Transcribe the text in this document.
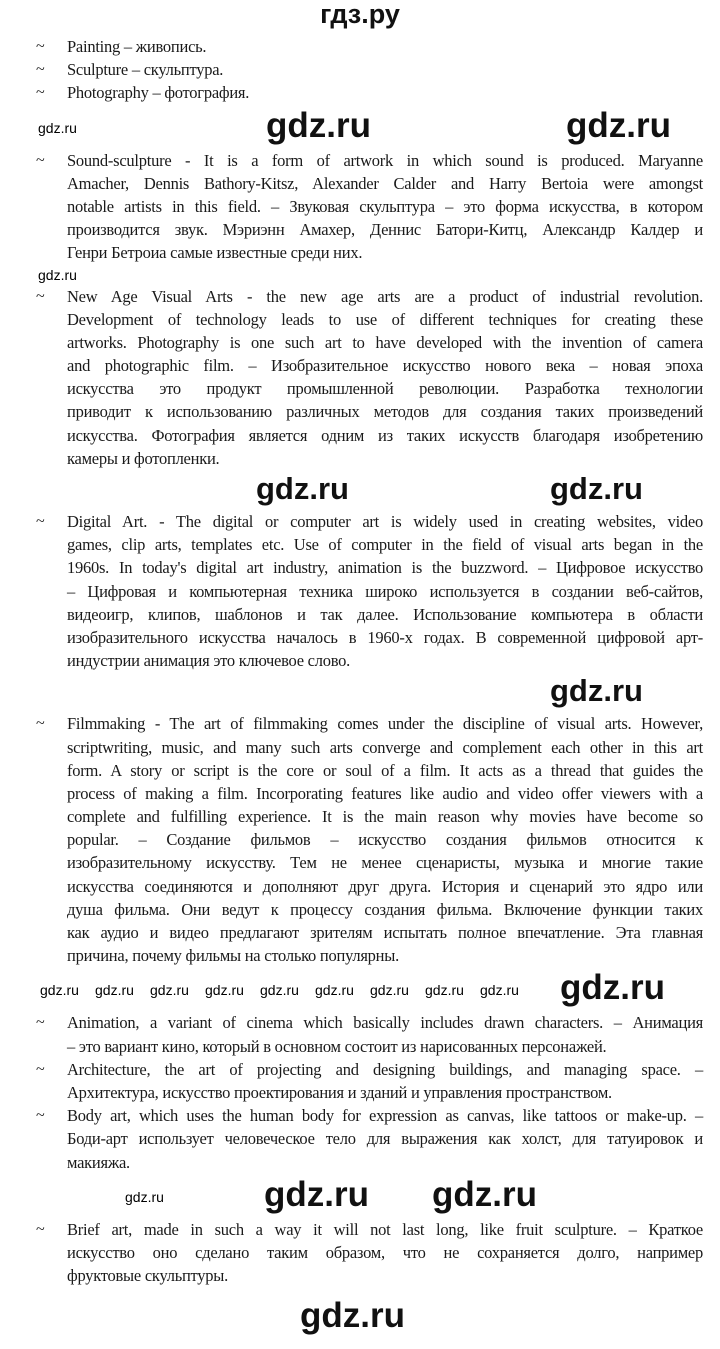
гдз.ру
~ Painting – живопись.
~ Sculpture – скульптура.
~ Photography – фотография.
gdz.ru	gdz.ru	gdz.ru
~ Sound-sculpture - It is a form of artwork in which sound is produced. Maryanne
Amacher, Dennis Bathory-Kitsz, Alexander Calder and Harry Bertoia were amongst
notable artists in this field. – Звуковая скульптура – это форма искусства, в котором
производится звук. Мэриэнн Амахер, Деннис Батори-Китц, Александр Калдер и
Генри Бетроиа самые известные среди них.
gdz.ru
~ New Age Visual Arts - the new age arts are a product of industrial revolution.
Development of technology leads to use of different techniques for creating these
artworks. Photography is one such art to have developed with the invention of camera
and photographic film. – Изобразительное искусство нового века – новая эпоха
искусства это продукт промышленной революции. Разработка технологии
приводит к использованию различных методов для создания таких произведений
искусства. Фотография является одним из таких искусств благодаря изобретению
камеры и фотопленки.
gdz.ru	gdz.ru
~ Digital Art. - The digital or computer art is widely used in creating websites, video
games, clip arts, templates etc. Use of computer in the field of visual arts began in the
1960s. In today's digital art industry, animation is the buzzword. – Цифровое искусство
– Цифровая и компьютерная техника широко используется в создании веб-сайтов,
видеоигр, клипов, шаблонов и так далее. Использование компьютера в области
изобразительного искусства началось в 1960-х годах. В современной цифровой арт-
индустрии анимация это ключевое слово.
gdz.ru
~ Filmmaking - The art of filmmaking comes under the discipline of visual arts. However,
scriptwriting, music, and many such arts converge and complement each other in this art
form. A story or script is the core or soul of a film. It acts as a thread that guides the
process of making a film. Incorporating features like audio and video offer viewers with a
complete and fulfilling experience. It is the main reason why movies have become so
popular. – Создание фильмов – искусство создания фильмов относится к
изобразительному искусству. Тем не менее сценаристы, музыка и многие такие
искусства соединяются и дополняют друг друга. История и сценарий это ядро или
душа фильма. Они ведут к процессу создания фильма. Включение функции таких
как аудио и видео предлагают зрителям испытать полное впечатление. Эта главная
причина, почему фильмы на столько популярны.
gdz.ru gdz.ru gdz.ru gdz.ru gdz.ru gdz.ru gdz.ru gdz.ru gdz.ru gdz.ru
~ Animation, a variant of cinema which basically includes drawn characters. – Анимация
– это вариант кино, который в основном состоит из нарисованных персонажей.
~ Architecture, the art of projecting and designing buildings, and managing space. –
Архитектура, искусство проектирования и зданий и управления пространством.
~ Body art, which uses the human body for expression as canvas, like tattoos or make-up. –
Боди-арт использует человеческое тело для выражения как холст, для татуировок и
макияжа.
gdz.ru	gdz.ru gdz.ru
~ Brief art, made in such a way it will not last long, like fruit sculpture. – Краткое
искусство оно сделано таким образом, что не сохраняется долго, например
фруктовые скульптуры.
gdz.ru
